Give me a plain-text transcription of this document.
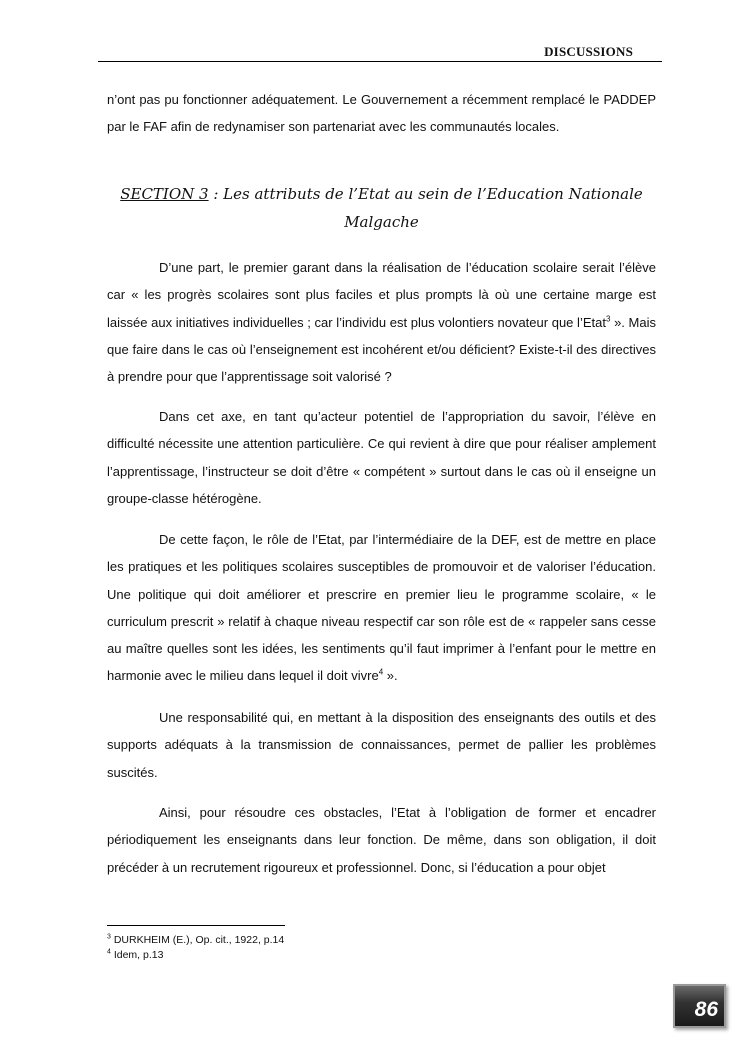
DISCUSSIONS

n’ont pas pu fonctionner adéquatement. Le Gouvernement a récemment remplacé le PADDEP par le FAF afin de redynamiser son partenariat avec les communautés locales.

SECTION 3 : Les attributs de l’Etat au sein de l’Education Nationale Malgache

D’une part, le premier garant dans la réalisation de l’éducation scolaire serait l’élève car « les progrès scolaires sont plus faciles et plus prompts là où une certaine marge est laissée aux initiatives individuelles ; car l’individu est plus volontiers novateur que l’Etat$^3$ ». Mais que faire dans le cas où l’enseignement est incohérent et/ou déficient? Existe-t-il des directives à prendre pour que l’apprentissage soit valorisé ?

Dans cet axe, en tant qu’acteur potentiel de l’appropriation du savoir, l’élève en difficulté nécessite une attention particulière. Ce qui revient à dire que pour réaliser amplement l’apprentissage, l’instructeur se doit d’être « compétent » surtout dans le cas où il enseigne un groupe-classe hétérogène.

De cette façon, le rôle de l’Etat, par l’intermédiaire de la DEF, est de mettre en place les pratiques et les politiques scolaires susceptibles de promouvoir et de valoriser l’éducation. Une politique qui doit améliorer et prescrire en premier lieu le programme scolaire, « le curriculum prescrit » relatif à chaque niveau respectif car son rôle est de « rappeler sans cesse au maître quelles sont les idées, les sentiments qu’il faut imprimer à l’enfant pour le mettre en harmonie avec le milieu dans lequel il doit vivre$^4$ ».

Une responsabilité qui, en mettant à la disposition des enseignants des outils et des supports adéquats à la transmission de connaissances, permet de pallier les problèmes suscités.

Ainsi, pour résoudre ces obstacles, l’Etat à l’obligation de former et encadrer périodiquement les enseignants dans leur fonction. De même, dans son obligation, il doit précéder à un recrutement rigoureux et professionnel. Donc, si l’éducation a pour objet

$^3$ DURKHEIM (E.), Op. cit., 1922, p.14
$^4$ Idem, p.13
86
